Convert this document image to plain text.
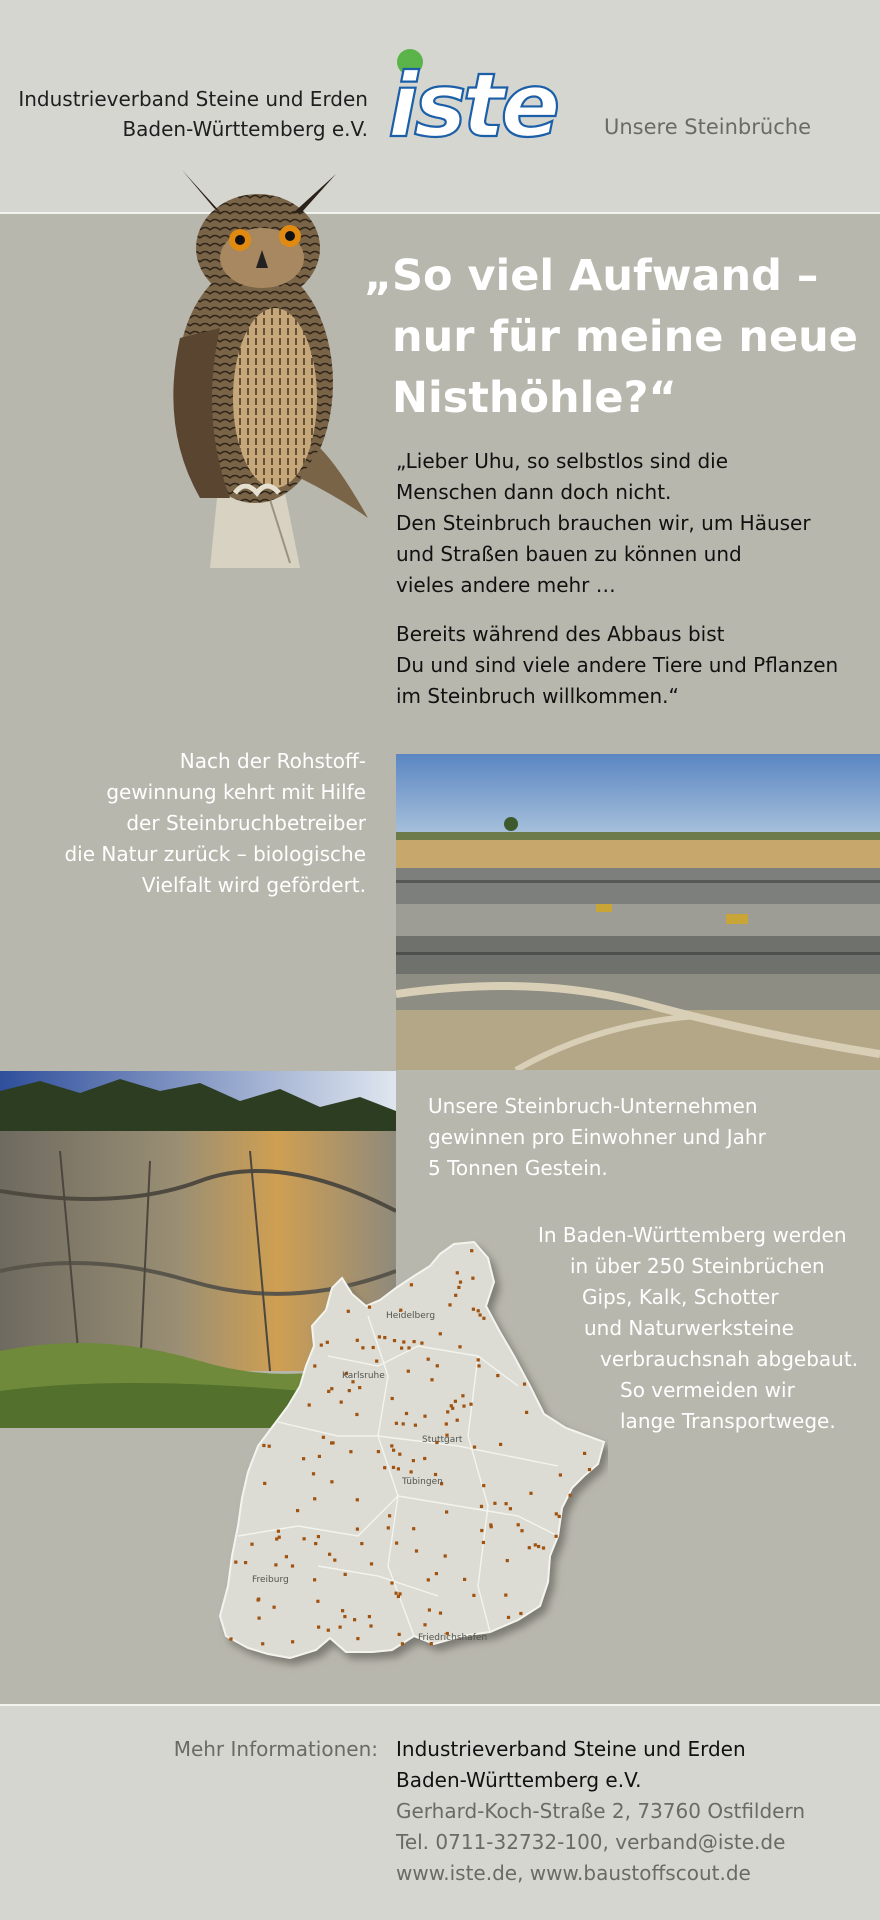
Industrieverband Steine und Erden
Baden-Württemberg e.V. iste Unsere Steinbrüche
„ So viel Aufwand –
nur für meine neue
Nisthöhle?“
„Lieber Uhu, so selbstlos sind die
Menschen dann doch nicht.
Den Steinbruch brauchen wir, um Häuser
und Straßen bauen zu können und
vieles andere mehr …
Bereits während des Abbaus bist
Du und sind viele andere Tiere und Pflanzen
im Steinbruch willkommen.“
Nach der Rohstoff-
gewinnung kehrt mit Hilfe
der Steinbruchbetreiber
die Natur zurück – biologische
Vielfalt wird gefördert.
Unsere Steinbruch-Unternehmen
gewinnen pro Einwohner und Jahr
5 Tonnen Gestein.
Heidelberg
Karlsruhe
Stuttgart
Tübingen
Freiburg
Friedrichshafen
In Baden-Württemberg werden
in über 250 Steinbrüchen
Gips, Kalk, Schotter
und Naturwerksteine
verbrauchsnah abgebaut.
So vermeiden wir
lange Transportwege.
Mehr Informationen: Industrieverband Steine und Erden
Baden-Württemberg e.V.
Gerhard-Koch-Straße 2, 73760 Ostfildern
Tel. 0711-32732-100, verband@iste.de
www.iste.de, www.baustoffscout.de
